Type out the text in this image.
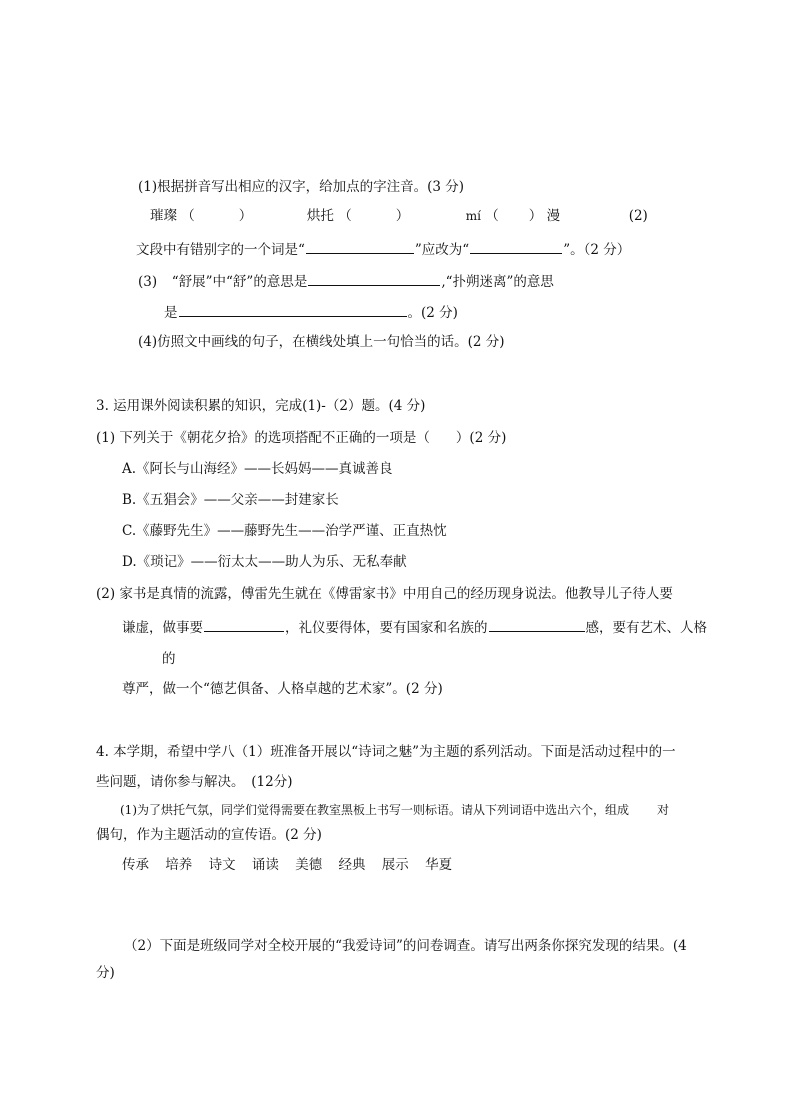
(1)根据拼音写出相应的汉字，给加点的字注音。(3 分)
璀璨 （	）	烘托 （	）	mí （ ） 漫	(2)
文段中有错别字的一个词是“	”应改为“	”。（2 分）
(3) “舒展”中“舒”的意思是	,“扑朔迷离”的意思
是	。(2 分)
(4)仿照文中画线的句子，在横线处填上一句恰当的话。(2 分)
3. 运用课外阅读积累的知识，完成(1)-（2）题。(4 分)
(1) 下列关于《朝花夕拾》的选项搭配不正确的一项是（ ）(2 分)
A.《阿长与山海经》——长妈妈——真诚善良
B.《五猖会》——父亲——封建家长
C.《藤野先生》——藤野先生——治学严谨、正直热忱
D.《琐记》——衍太太——助人为乐、无私奉献
(2) 家书是真情的流露，傅雷先生就在《傅雷家书》中用自己的经历现身说法。他教导儿子待人要
谦虚，做事要	，礼仪要得体，要有国家和名族的	感，要有艺术、人格
的
尊严，做一个“德艺俱备、人格卓越的艺术家”。(2 分)
4. 本学期，希望中学八（1）班准备开展以“诗词之魅”为主题的系列活动。下面是活动过程中的一
些问题，请你参与解决。　(12分)
(1)为了烘托气氛，同学们觉得需要在教室黑板上书写一则标语。请从下列词语中选出六个，组成 对
偶句，作为主题活动的宣传语。(2 分)
传承 培养 诗文 诵读 美德 经典 展示 华夏
（2）下面是班级同学对全校开展的“我爱诗词”的问卷调查。请写出两条你探究发现的结果。(4
分)
